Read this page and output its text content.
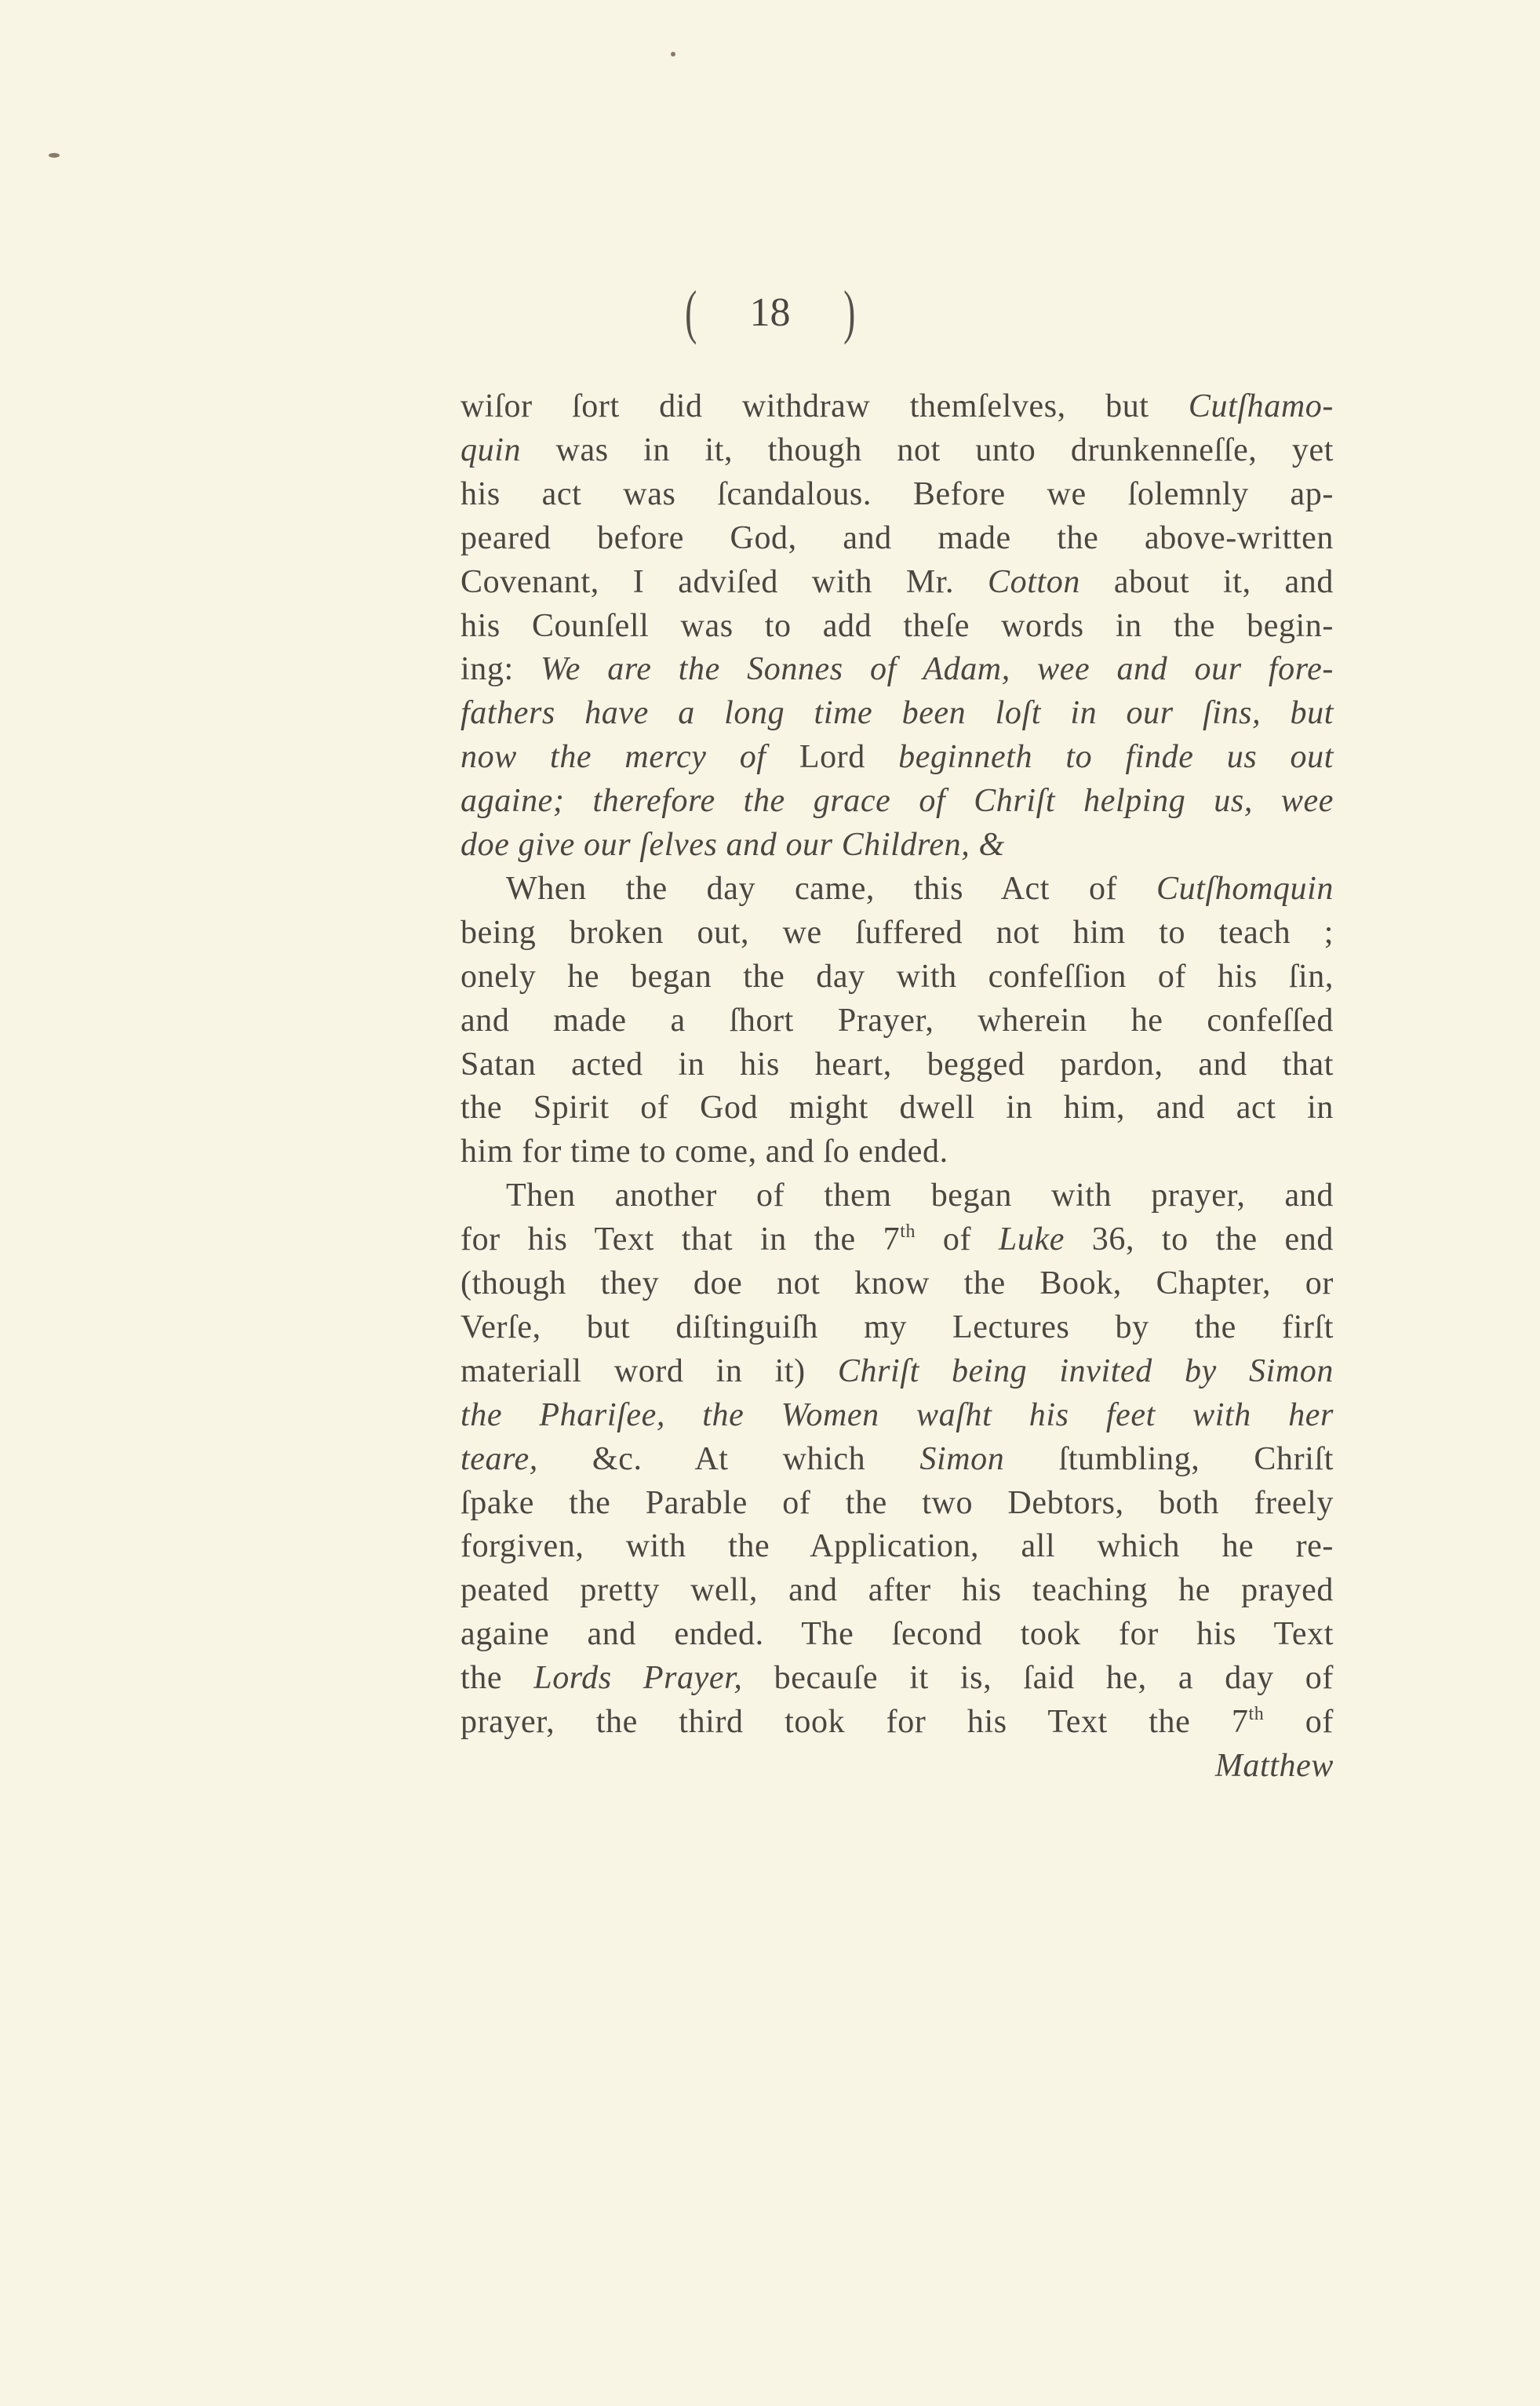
( 18 )
wiſor ſort did withdraw themſelves, but Cutſhamo-
quin was in it, though not unto drunkenneſſe, yet
his act was ſcandalous. Before we ſolemnly ap-
peared before God, and made the above-written
Covenant, I adviſed with Mr. Cotton about it, and
his Counſell was to add theſe words in the begin-
ing: We are the Sonnes of Adam, wee and our fore-
fathers have a long time been loſt in our ſins, but
now the mercy of Lord beginneth to finde us out
againe; therefore the grace of Chriſt helping us, wee
doe give our ſelves and our Children, &
When the day came, this Act of Cutſhomquin
being broken out, we ſuffered not him to teach ;
onely he began the day with confeſſion of his ſin,
and made a ſhort Prayer, wherein he confeſſed
Satan acted in his heart, begged pardon, and that
the Spirit of God might dwell in him, and act in
him for time to come, and ſo ended.
Then another of them began with prayer, and
for his Text that in the 7th of Luke 36, to the end
(though they doe not know the Book, Chapter, or
Verſe, but diſtinguiſh my Lectures by the firſt
materiall word in it) Chriſt being invited by Simon
the Phariſee, the Women waſht his feet with her
teare, &c. At which Simon ſtumbling, Chriſt
ſpake the Parable of the two Debtors, both freely
forgiven, with the Application, all which he re-
peated pretty well, and after his teaching he prayed
againe and ended. The ſecond took for his Text
the Lords Prayer, becauſe it is, ſaid he, a day of
prayer, the third took for his Text the 7th of
Matthew
